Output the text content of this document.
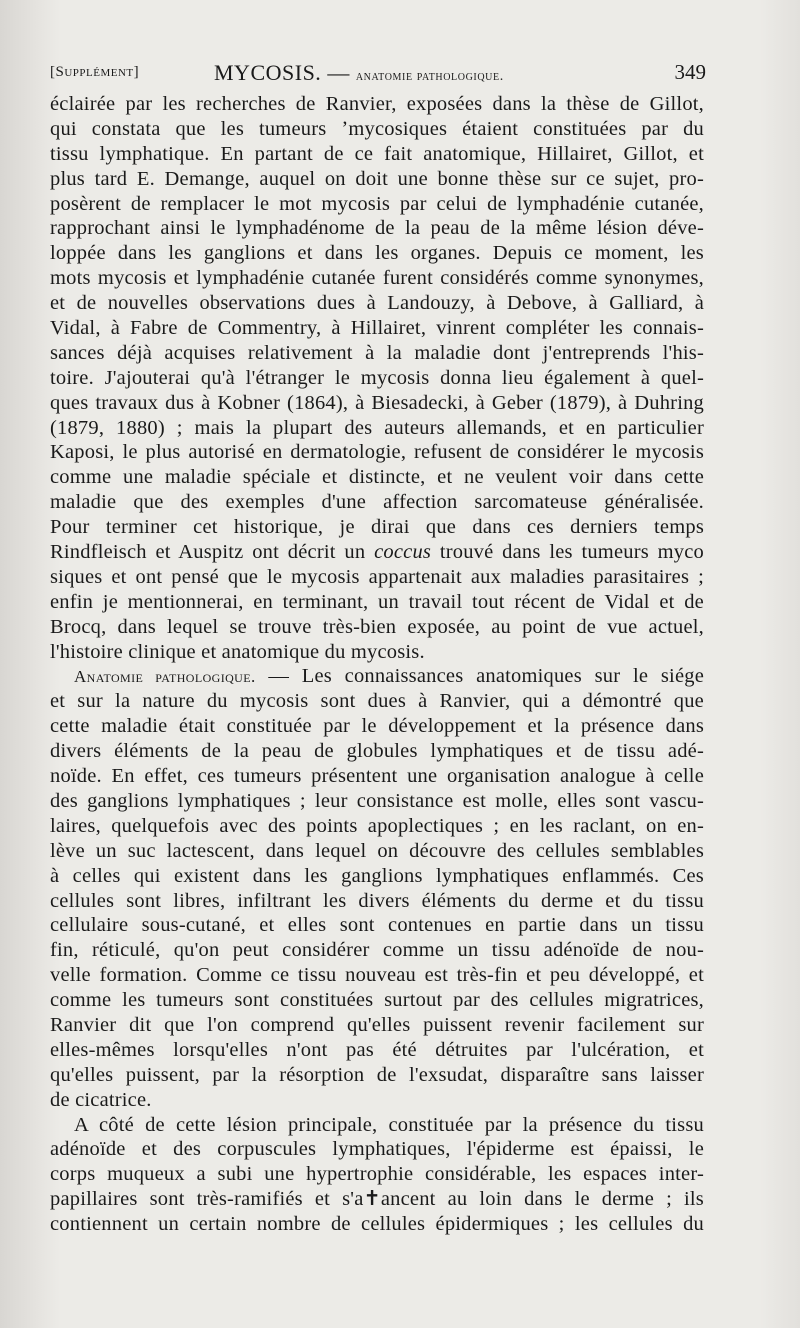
[Supplément]	MYCOSIS. — anatomie pathologique.	349
éclairée par les recherches de Ranvier, exposées dans la thèse de Gillot,
qui constata que les tumeurs ʼmycosiques étaient constituées par du
tissu lymphatique. En partant de ce fait anatomique, Hillairet, Gillot, et
plus tard E. Demange, auquel on doit une bonne thèse sur ce sujet, pro-
posèrent de remplacer le mot mycosis par celui de lymphadénie cutanée,
rapprochant ainsi le lymphadénome de la peau de la même lésion déve-
loppée dans les ganglions et dans les organes. Depuis ce moment, les
mots mycosis et lymphadénie cutanée furent considérés comme synonymes,
et de nouvelles observations dues à Landouzy, à Debove, à Galliard, à
Vidal, à Fabre de Commentry, à Hillairet, vinrent compléter les connais-
sances déjà acquises relativement à la maladie dont j'entreprends l'his-
toire. J'ajouterai qu'à l'étranger le mycosis donna lieu également à quel-
ques travaux dus à Kobner (1864), à Biesadecki, à Geber (1879), à Duhring
(1879, 1880) ; mais la plupart des auteurs allemands, et en particulier
Kaposi, le plus autorisé en dermatologie, refusent de considérer le mycosis
comme une maladie spéciale et distincte, et ne veulent voir dans cette
maladie que des exemples d'une affection sarcomateuse généralisée.
Pour terminer cet historique, je dirai que dans ces derniers temps
Rindfleisch et Auspitz ont décrit un coccus trouvé dans les tumeurs myco
siques et ont pensé que le mycosis appartenait aux maladies parasitaires ;
enfin je mentionnerai, en terminant, un travail tout récent de Vidal et de
Brocq, dans lequel se trouve très-bien exposée, au point de vue actuel,
l'histoire clinique et anatomique du mycosis.
Anatomie pathologique. — Les connaissances anatomiques sur le siége
et sur la nature du mycosis sont dues à Ranvier, qui a démontré que
cette maladie était constituée par le développement et la présence dans
divers éléments de la peau de globules lymphatiques et de tissu adé-
noïde. En effet, ces tumeurs présentent une organisation analogue à celle
des ganglions lymphatiques ; leur consistance est molle, elles sont vascu-
laires, quelquefois avec des points apoplectiques ; en les raclant, on en-
lève un suc lactescent, dans lequel on découvre des cellules semblables
à celles qui existent dans les ganglions lymphatiques enflammés. Ces
cellules sont libres, infiltrant les divers éléments du derme et du tissu
cellulaire sous-cutané, et elles sont contenues en partie dans un tissu
fin, réticulé, qu'on peut considérer comme un tissu adénoïde de nou-
velle formation. Comme ce tissu nouveau est très-fin et peu développé, et
comme les tumeurs sont constituées surtout par des cellules migratrices,
Ranvier dit que l'on comprend qu'elles puissent revenir facilement sur
elles-mêmes lorsqu'elles n'ont pas été détruites par l'ulcération, et
qu'elles puissent, par la résorption de l'exsudat, disparaître sans laisser
de cicatrice.
A côté de cette lésion principale, constituée par la présence du tissu
adénoïde et des corpuscules lymphatiques, l'épiderme est épaissi, le
corps muqueux a subi une hypertrophie considérable, les espaces inter-
papillaires sont très-ramifiés et s'a✝ancent au loin dans le derme ; ils
contiennent un certain nombre de cellules épidermiques ; les cellules du
